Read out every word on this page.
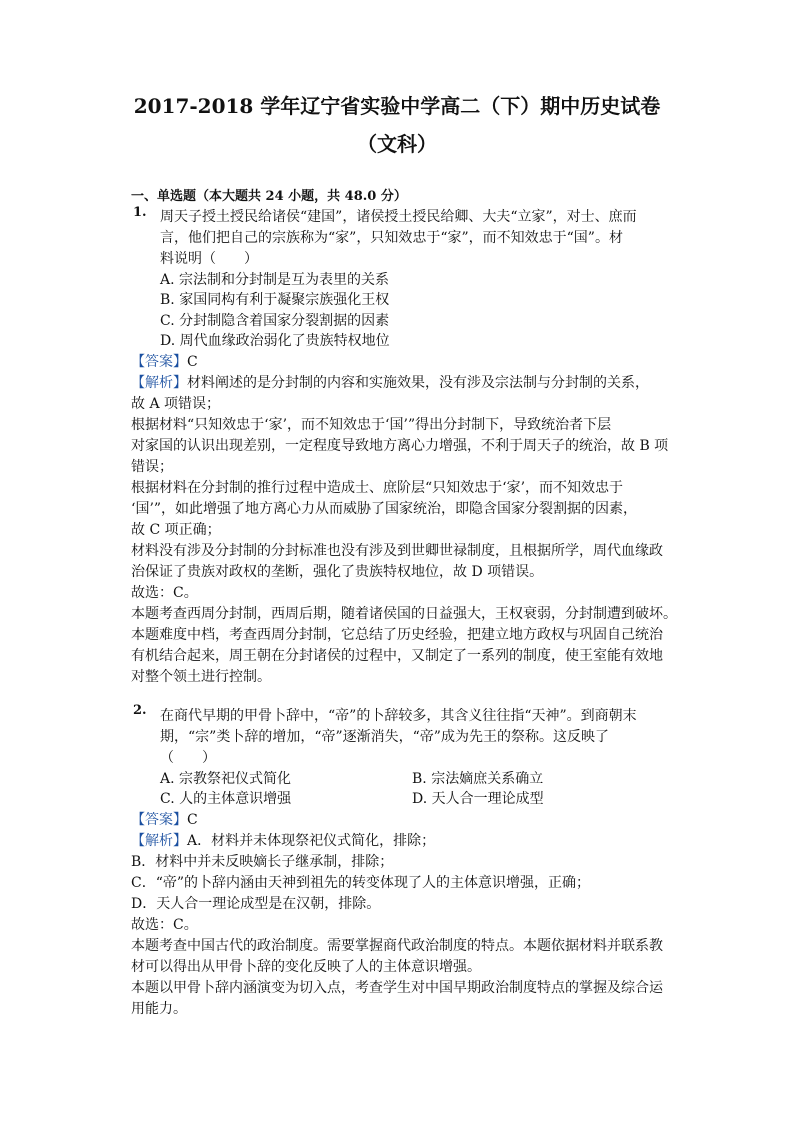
2017-2018 学年辽宁省实验中学高二（下）期中历史试卷
（文科）
一、单选题（本大题共 24 小题，共 48.0 分）
1. 周天子授土授民给诸侯“建国”，诸侯授土授民给卿、大夫“立家”，对士、庶而
言，他们把自己的宗族称为“家”，只知效忠于“家”，而不知效忠于“国”。材
料说明（　　）
A. 宗法制和分封制是互为表里的关系
B. 家国同构有利于凝聚宗族强化王权
C. 分封制隐含着国家分裂割据的因素
D. 周代血缘政治弱化了贵族特权地位
【答案】C
【解析】材料阐述的是分封制的内容和实施效果，没有涉及宗法制与分封制的关系，
故 A 项错误；
根据材料“只知效忠于‘家’，而不知效忠于‘国’”得出分封制下，导致统治者下层
对家国的认识出现差别，一定程度导致地方离心力增强，不利于周天子的统治，故 B 项
错误；
根据材料在分封制的推行过程中造成士、庶阶层“只知效忠于‘家’，而不知效忠于
‘国’”，如此增强了地方离心力从而威胁了国家统治，即隐含国家分裂割据的因素，
故 C 项正确；
材料没有涉及分封制的分封标准也没有涉及到世卿世禄制度，且根据所学，周代血缘政
治保证了贵族对政权的垄断，强化了贵族特权地位，故 D 项错误。
故选：C。
本题考查西周分封制，西周后期，随着诸侯国的日益强大，王权衰弱，分封制遭到破坏。
本题难度中档，考查西周分封制，它总结了历史经验，把建立地方政权与巩固自己统治
有机结合起来，周王朝在分封诸侯的过程中，又制定了一系列的制度，使王室能有效地
对整个领土进行控制。
2. 在商代早期的甲骨卜辞中，“帝”的卜辞较多，其含义往往指“天神”。到商朝末
期，“宗”类卜辞的增加，“帝”逐渐消失，“帝”成为先王的祭称。这反映了
（　　）
A. 宗教祭祀仪式简化	B. 宗法嫡庶关系确立
C. 人的主体意识增强	D. 天人合一理论成型
【答案】C
【解析】A．材料并未体现祭祀仪式简化，排除；
B．材料中并未反映嫡长子继承制，排除；
C．“帝”的卜辞内涵由天神到祖先的转变体现了人的主体意识增强，正确；
D．天人合一理论成型是在汉朝，排除。
故选：C。
本题考查中国古代的政治制度。需要掌握商代政治制度的特点。本题依据材料并联系教
材可以得出从甲骨卜辞的变化反映了人的主体意识增强。
本题以甲骨卜辞内涵演变为切入点，考查学生对中国早期政治制度特点的掌握及综合运
用能力。
